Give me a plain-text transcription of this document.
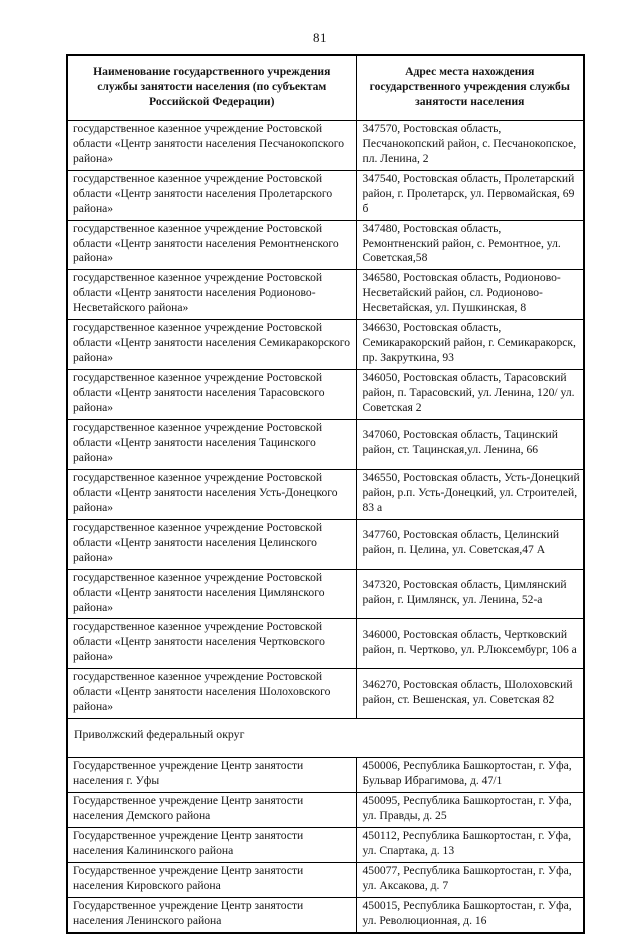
81
Наименование государственного учреждения службы занятости населения (по субъектам Российской Федерации)	Адрес места нахождения государственного учреждения службы занятости населения
государственное казенное учреждение Ростовской области «Центр занятости населения Песчанокопского района»	347570, Ростовская область, Песчанокопский район, с. Песчанокопское, пл. Ленина, 2
государственное казенное учреждение Ростовской области «Центр занятости населения Пролетарского района»	347540, Ростовская область, Пролетарский район, г. Пролетарск, ул. Первомайская, 69 б
государственное казенное учреждение Ростовской области «Центр занятости населения Ремонтненского района»	347480, Ростовская область, Ремонтненский район, с. Ремонтное, ул. Советская,58
государственное казенное учреждение Ростовской области «Центр занятости населения Родионово-Несветайского района»	346580, Ростовская область, Родионово-Несветайский район, сл. Родионово-Несветайская, ул. Пушкинская, 8
государственное казенное учреждение Ростовской области «Центр занятости населения Семикаракорского района»	346630, Ростовская область, Семикаракорский район, г. Семикаракорск, пр. Закруткина, 93
государственное казенное учреждение Ростовской области «Центр занятости населения Тарасовского района»	346050, Ростовская область, Тарасовский район, п. Тарасовский, ул. Ленина, 120/ ул. Советская 2
государственное казенное учреждение Ростовской области «Центр занятости населения Тацинского района»	347060, Ростовская область, Тацинский район, ст. Тацинская,ул. Ленина, 66
государственное казенное учреждение Ростовской области «Центр занятости населения Усть-Донецкого района»	346550, Ростовская область, Усть-Донецкий район, р.п. Усть-Донецкий, ул. Строителей, 83 а
государственное казенное учреждение Ростовской области «Центр занятости населения Целинского района»	347760, Ростовская область, Целинский район, п. Целина, ул. Советская,47 А
государственное казенное учреждение Ростовской области «Центр занятости населения Цимлянского района»	347320, Ростовская область, Цимлянский район, г. Цимлянск, ул. Ленина, 52-а
государственное казенное учреждение Ростовской области «Центр занятости населения Чертковского района»	346000, Ростовская область, Чертковский район, п. Чертково, ул. Р.Люксембург, 106 а
государственное казенное учреждение Ростовской области «Центр занятости населения Шолоховского района»	346270, Ростовская область, Шолоховский район, ст. Вешенская, ул. Советская 82
Приволжский федеральный округ	
Государственное учреждение Центр занятости населения г. Уфы	450006, Республика Башкортостан, г. Уфа, Бульвар Ибрагимова, д. 47/1
Государственное учреждение Центр занятости населения Демского района	450095, Республика Башкортостан, г. Уфа, ул. Правды, д. 25
Государственное учреждение Центр занятости населения Калининского района	450112, Республика Башкортостан, г. Уфа, ул. Спартака, д. 13
Государственное учреждение Центр занятости населения Кировского района	450077, Республика Башкортостан, г. Уфа, ул. Аксакова, д. 7
Государственное учреждение Центр занятости населения Ленинского района	450015, Республика Башкортостан, г. Уфа, ул. Революционная, д. 16
